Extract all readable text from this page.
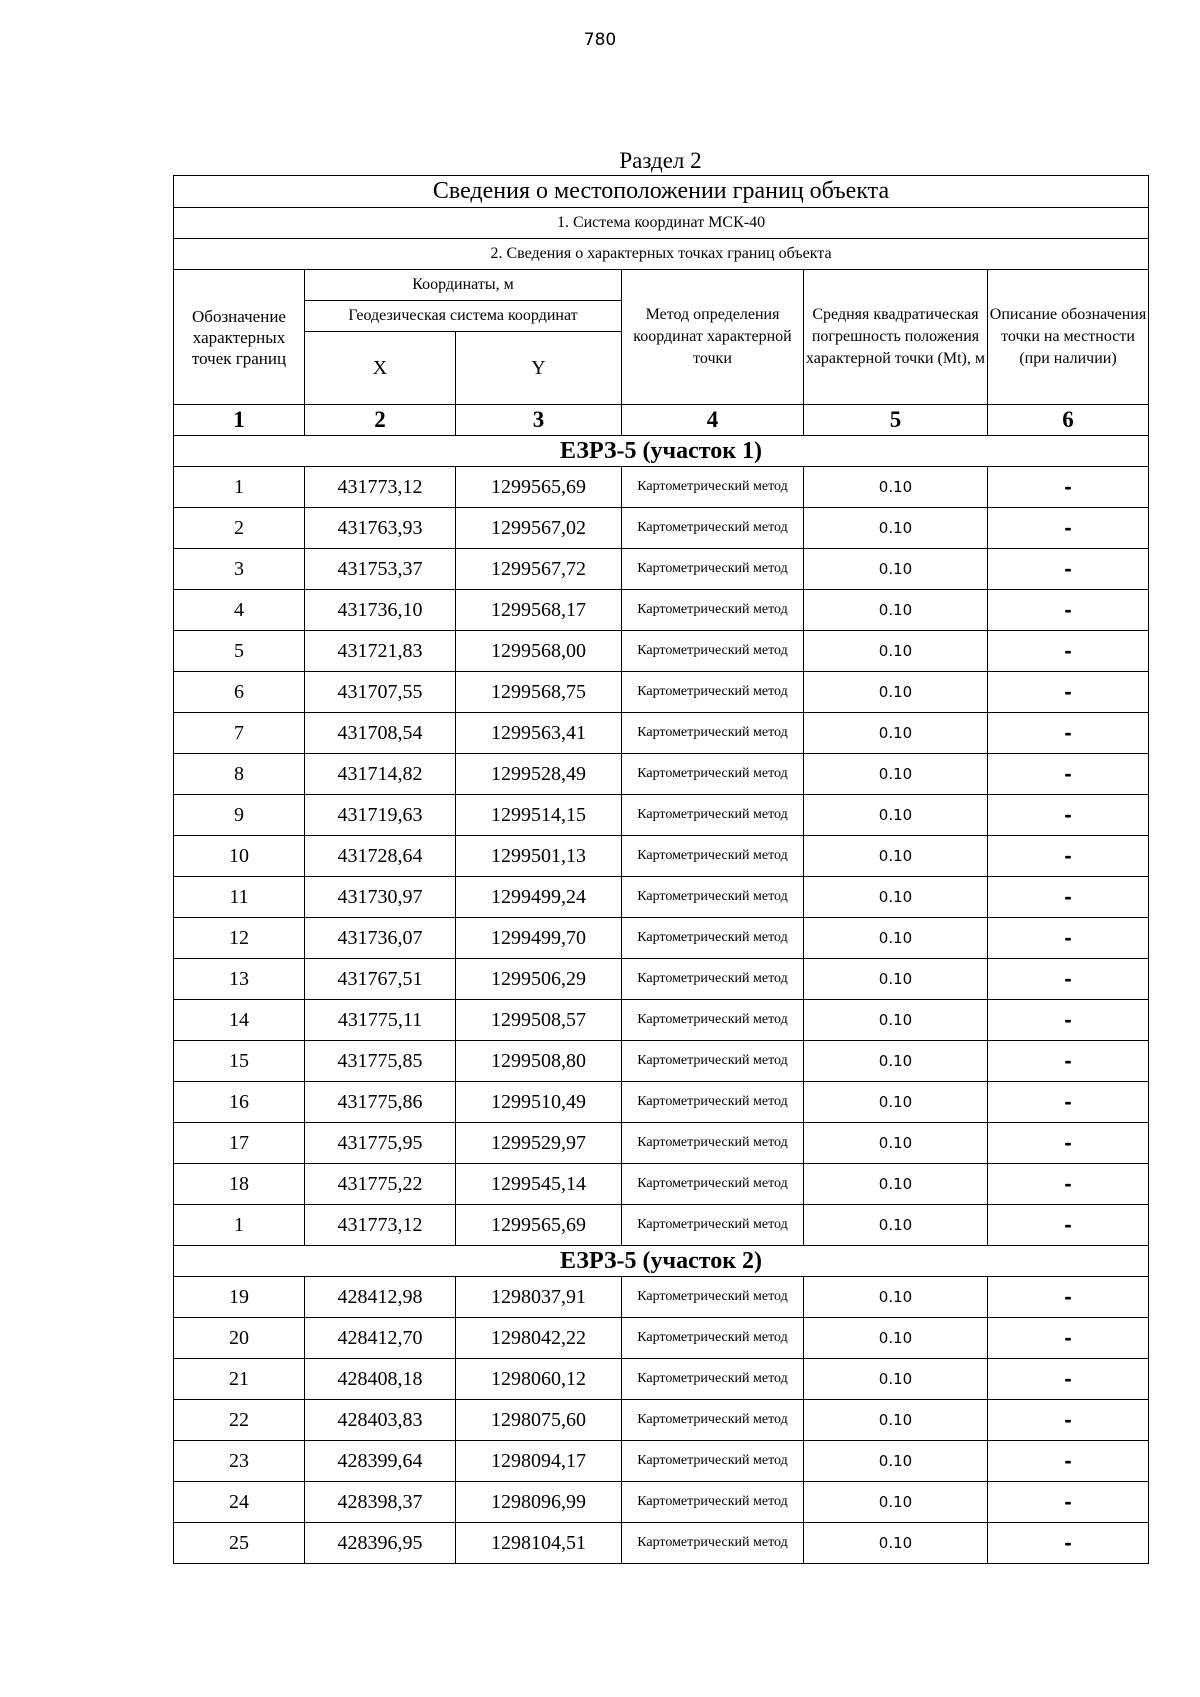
780
Раздел 2
Сведения о местоположении границ объекта					
1. Система координат МСК-40					
2. Сведения о характерных точках границ объекта					
Обозначение характерных точек границ	Координаты, м		Метод определения координат характерной точки	Средняя квадратическая погрешность положения характерной точки (Mt), м	Описание обозначения точки на местности (при наличии)
	Геодезическая система координат				
	X	Y			
1	2	3	4	5	6
ЕЗРЗ-5 (участок 1)					
1	431773,12	1299565,69	Картометрический метод	0.10	-
2	431763,93	1299567,02	Картометрический метод	0.10	-
3	431753,37	1299567,72	Картометрический метод	0.10	-
4	431736,10	1299568,17	Картометрический метод	0.10	-
5	431721,83	1299568,00	Картометрический метод	0.10	-
6	431707,55	1299568,75	Картометрический метод	0.10	-
7	431708,54	1299563,41	Картометрический метод	0.10	-
8	431714,82	1299528,49	Картометрический метод	0.10	-
9	431719,63	1299514,15	Картометрический метод	0.10	-
10	431728,64	1299501,13	Картометрический метод	0.10	-
11	431730,97	1299499,24	Картометрический метод	0.10	-
12	431736,07	1299499,70	Картометрический метод	0.10	-
13	431767,51	1299506,29	Картометрический метод	0.10	-
14	431775,11	1299508,57	Картометрический метод	0.10	-
15	431775,85	1299508,80	Картометрический метод	0.10	-
16	431775,86	1299510,49	Картометрический метод	0.10	-
17	431775,95	1299529,97	Картометрический метод	0.10	-
18	431775,22	1299545,14	Картометрический метод	0.10	-
1	431773,12	1299565,69	Картометрический метод	0.10	-
ЕЗРЗ-5 (участок 2)					
19	428412,98	1298037,91	Картометрический метод	0.10	-
20	428412,70	1298042,22	Картометрический метод	0.10	-
21	428408,18	1298060,12	Картометрический метод	0.10	-
22	428403,83	1298075,60	Картометрический метод	0.10	-
23	428399,64	1298094,17	Картометрический метод	0.10	-
24	428398,37	1298096,99	Картометрический метод	0.10	-
25	428396,95	1298104,51	Картометрический метод	0.10	-
